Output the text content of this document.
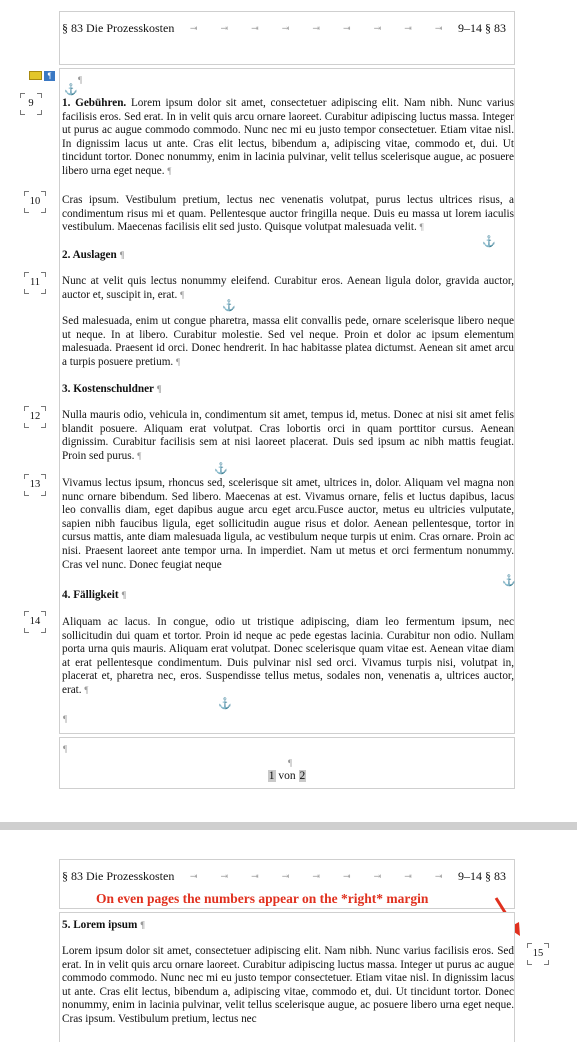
§ 83 Die Prozesskosten ⇥	⇥	⇥	⇥	⇥	⇥	⇥	⇥	⇥ 9–14 § 83
¶	¶
⚓
1. Gebühren. Lorem ipsum dolor sit amet, consectetuer adipiscing elit. Nam nibh. Nunc varius facilisis eros. Sed erat. In in velit quis arcu ornare laoreet. Curabitur adipiscing luctus massa. Integer ut purus ac augue commodo commodo. Nunc nec mi eu justo tempor consectetuer. Etiam vitae nisl. In dignissim lacus ut ante. Cras elit lectus, bibendum a, adipiscing vitae, commodo et, dui. Ut tincidunt tortor. Donec nonummy, enim in lacinia pulvinar, velit tellus scelerisque augue, ac posuere libero urna eget neque. ¶
Cras ipsum. Vestibulum pretium, lectus nec venenatis volutpat, purus lectus ultrices risus, a condimentum risus mi et quam. Pellentesque auctor fringilla neque. Duis eu massa ut lorem iaculis vestibulum. Maecenas facilisis elit sed justo. Quisque volutpat malesuada velit. ¶
⚓
2. Auslagen ¶
Nunc at velit quis lectus nonummy eleifend. Curabitur eros. Aenean ligula dolor, gravida auctor, auctor et, suscipit in, erat. ¶
⚓
Sed malesuada, enim ut congue pharetra, massa elit convallis pede, ornare scelerisque libero neque ut neque. In at libero. Curabitur molestie. Sed vel neque. Proin et dolor ac ipsum elementum malesuada. Praesent id orci. Donec hendrerit. In hac habitasse platea dictumst. Aenean sit amet arcu a turpis posuere pretium. ¶
3. Kostenschuldner ¶
Nulla mauris odio, vehicula in, condimentum sit amet, tempus id, metus. Donec at nisi sit amet felis blandit posuere. Aliquam erat volutpat. Cras lobortis orci in quam porttitor cursus. Aenean dignissim. Curabitur facilisis sem at nisi laoreet placerat. Duis sed ipsum ac nibh mattis feugiat. Proin sed purus. ¶
⚓
Vivamus lectus ipsum, rhoncus sed, scelerisque sit amet, ultrices in, dolor. Aliquam vel magna non nunc ornare bibendum. Sed libero. Maecenas at est. Vivamus ornare, felis et luctus dapibus, lacus leo convallis diam, eget dapibus augue arcu eget arcu.Fusce auctor, metus eu ultricies vulputate, sapien nibh faucibus ligula, eget sollicitudin augue risus et dolor. Aenean pellentesque, tortor in cursus mattis, ante diam malesuada ligula, ac vestibulum neque turpis ut enim. Cras ornare. Proin ac nisi. Praesent laoreet ante tempor urna. In imperdiet. Nam ut metus et orci fermentum nonummy. Cras vel nunc. Donec feugiat neque
⚓
4. Fälligkeit ¶
Aliquam ac lacus. In congue, odio ut tristique adipiscing, diam leo fermentum ipsum, nec sollicitudin dui quam et tortor. Proin id neque ac pede egestas lacinia. Curabitur non odio. Nullam porta urna quis mauris. Aliquam erat volutpat. Donec scelerisque quam vitae est. Aenean vitae diam at erat pellentesque condimentum. Duis pulvinar nisl sed orci. Vivamus turpis nisi, volutpat in, placerat et, pharetra nec, eros. Suspendisse tellus metus, sodales non, venenatis a, ultrices auctor, erat. ¶
⚓
¶
9
10
11
12
13
14
¶
¶
1 von 2
§ 83 Die Prozesskosten ⇥	⇥	⇥	⇥	⇥	⇥	⇥	⇥	⇥ 9–14 § 83
On even pages the numbers appear on the *right* margin
5. Lorem ipsum ¶
Lorem ipsum dolor sit amet, consectetuer adipiscing elit. Nam nibh. Nunc varius facilisis eros. Sed erat. In in velit quis arcu ornare laoreet. Curabitur adipiscing luctus massa. Integer ut purus ac augue commodo commodo. Nunc nec mi eu justo tempor consectetuer. Etiam vitae nisl. In dignissim lacus ut ante. Cras elit lectus, bibendum a, adipiscing vitae, commodo et, dui. Ut tincidunt tortor. Donec nonummy, enim in lacinia pulvinar, velit tellus scelerisque augue, ac posuere libero urna eget neque. Cras ipsum. Vestibulum pretium, lectus nec
15
